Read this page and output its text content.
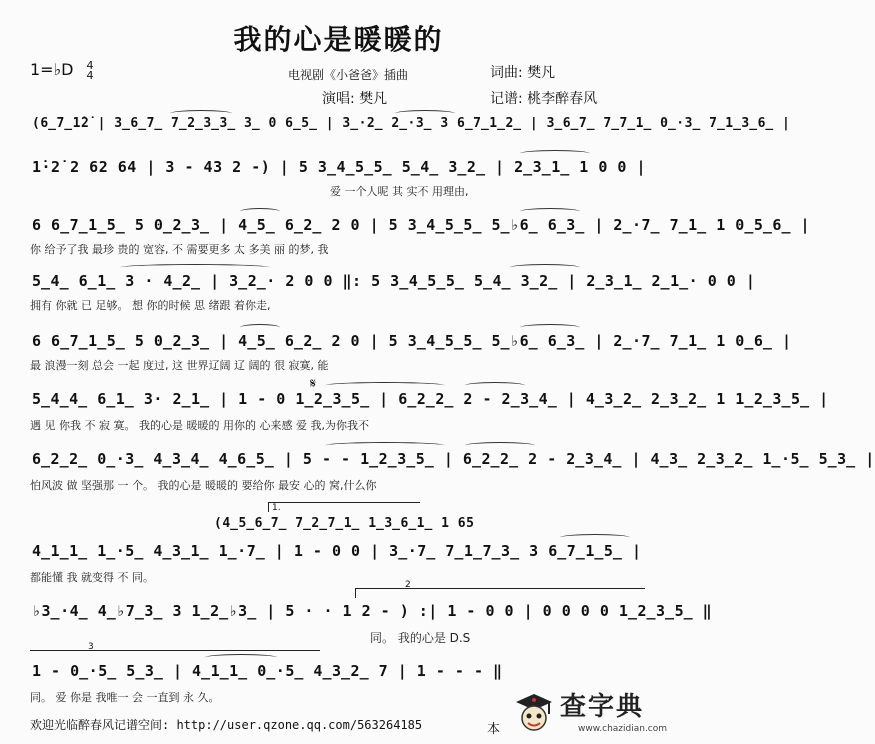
我的心是暖暖的
1=♭D 4
4	电视剧《小爸爸》插曲	词曲: 樊凡
演唱: 樊凡	记谱: 桃李醉春风
(6̲7̲1̇2̇ | 3̲6̲7̲ 7̲2̲3̲3̲ 3̲ 0 6̲5̲ | 3̲·2̲ 2̲·3̲ 3 6̲7̲1̲2̲ | 3̲6̲7̲ 7̲7̲1̲ 0̲·3̲ 7̲1̲3̲6̲ |
1̇·2̇ 2 62 64 | 3 - 43 2 -) | 5 3̲4̲5̲5̲ 5̲4̲ 3̲2̲ | 2̲3̲1̲ 1 0 0 |
爱 一个人呢 其 实不 用理由,
6 6̲7̲1̲5̲ 5 0̲2̲3̲ | 4̲5̲ 6̲2̲ 2 0 | 5 3̲4̲5̲5̲ 5̲♭6̲ 6̲3̲ | 2̲·7̲ 7̲1̲ 1 0̲5̲6̲ |
你 给予了我 最珍 贵的 宽容, 不 需要更多 太 多美 丽 的梦, 我
5̲4̲ 6̲1̲ 3 · 4̲2̲ | 3̲2̲· 2 0 0 ‖: 5 3̲4̲5̲5̲ 5̲4̲ 3̲2̲ | 2̲3̲1̲ 2̲1̲· 0 0 |
拥有 你就 已 足够。 想 你的时候 思 绪跟 着你走,
6 6̲7̲1̲5̲ 5 0̲2̲3̲ | 4̲5̲ 6̲2̲ 2 0 | 5 3̲4̲5̲5̲ 5̲♭6̲ 6̲3̲ | 2̲·7̲ 7̲1̲ 1 0̲6̲ |
最 浪漫一刻 总会 一起 度过, 这 世界辽阔 辽 阔的 很 寂寞, 能
5̲4̲4̲ 6̲1̲ 3· 2̲1̲ | 1 - 0 1̲2̲3̲5̲ | 6̲2̲2̲ 2 - 2̲3̲4̲ | 4̲3̲2̲ 2̲3̲2̲ 1 1̲2̲3̲5̲ |
遇 见 你我 不 寂 寞。 我的心是 暖暖的 用你的 心来感 爱 我,为你我不
𝄋
6̲2̲2̲ 0̲·3̲ 4̲3̲4̲ 4̲6̲5̲ | 5 - - 1̲2̲3̲5̲ | 6̲2̲2̲ 2 - 2̲3̲4̲ | 4̲3̲ 2̲3̲2̲ 1̲·5̲ 5̲3̲ |
怕风波 做 坚强那 一 个。 我的心是 暖暖的 要给你 最安 心的 窝,什么你
1.
(4̲5̲6̲7̲ 7̲2̲7̲1̲ 1̲3̲6̲1̲ 1 65
4̲1̲1̲ 1̲·5̲ 4̲3̲1̲ 1̲·7̲ | 1 - 0 0 | 3̲·7̲ 7̲1̲7̲3̲ 3 6̲7̲1̲5̲ |
都能懂 我 就变得 不 同。
2
♭3̲·4̲ 4̲♭7̲3̲ 3 1̲2̲♭3̲ | 5 · · 1 2 - ) :| 1 - 0 0 | 0 0 0 0 1̲2̲3̲5̲ ‖
同。 我的心是 D.S
3
1 - 0̲·5̲ 5̲3̲ | 4̲1̲1̲ 0̲·5̲ 4̲3̲2̲ 7 | 1 - - - ‖
同。 爱 你是 我唯一 会 一直到 永 久。
欢迎光临醉春风记谱空间: http://user.qzone.qq.com/563264185	本
查字典
www.chazidian.com
